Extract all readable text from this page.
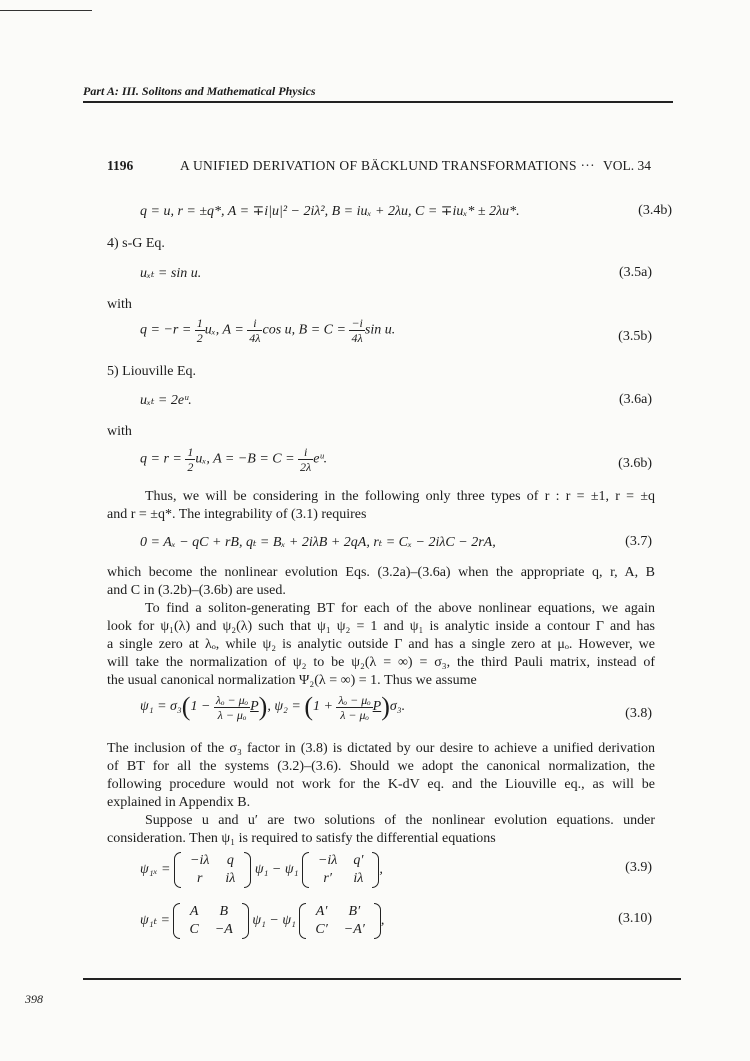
Part A: III. Solitons and Mathematical Physics
1196	A UNIFIED DERIVATION OF BÄCKLUND TRANSFORMATIONS ··· VOL. 34
q = u, r = ±q*, A = ∓i|u|² − 2iλ², B = iuₓ + 2λu, C = ∓iuₓ* ± 2λu*.	(3.4b)
4) s-G Eq.
uₓₜ = sin u.	(3.5a)
with
$q = -r = \frac{1}{2} u_x$, $A = \frac{i}{4\lambda}$ cos u, $B = C = \frac{-i}{4\lambda}$ sin u.	(3.5b)
5) Liouville Eq.
uₓₜ = 2eᵘ.	(3.6a)
with
$q = r = \frac{1}{2} u_x$, $A = -B = C = \frac{i}{2\lambda}$ eᵘ.	(3.6b)
Thus, we will be considering in the following only three types of r : r = ±1, r = ±q
and r = ±q*. The integrability of (3.1) requires
0 = Aₓ − qC + rB, qₜ = Bₓ + 2iλB + 2qA, rₜ = Cₓ − 2iλC − 2rA,	(3.7)
which become the nonlinear evolution Eqs. (3.2a)–(3.6a) when the appropriate q, r, A, B
and C in (3.2b)–(3.6b) are used.
To find a soliton-generating BT for each of the above nonlinear equations, we again
look for ψ₁(λ) and ψ₂(λ) such that ψ₁ ψ₂ = 1 and ψ₁ is analytic inside a contour Γ and has
a single zero at λₒ, while ψ₂ is analytic outside Γ and has a single zero at μₒ. However, we
will take the normalization of ψ₂ to be ψ₂(λ = ∞) = σ₃, the third Pauli matrix, instead of
the usual canonical normalization Ψ₂(λ = ∞) = 1. Thus we assume
$\psi_1 = \sigma_3(1 - \frac{\text{λₒ − μₒ}}{\text{λ − μₒ}} P)$, $\psi_2 = (1 + \frac{\text{λₒ − μₒ}}{\text{λ − μₒ}} P)\sigma_3$.	(3.8)
The inclusion of the σ₃ factor in (3.8) is dictated by our desire to achieve a unified derivation
of BT for all the systems (3.2)–(3.6). Should we adopt the canonical normalization, the
following procedure would not work for the K-dV eq. and the Liouville eq., as will be
explained in Appendix B.
Suppose u and u′ are two solutions of the nonlinear evolution equations. under
consideration. Then ψ₁ is required to satisfy the differential equations
ψ₁ₓ =
−iλ	q
r	iλ
ψ₁ − ψ₁
−iλ	q′
r′	iλ
,	(3.9)
ψ₁ₜ =
A	B
C	−A
ψ₁ − ψ₁
A′	B′
C′	−A′
,	(3.10)
398
